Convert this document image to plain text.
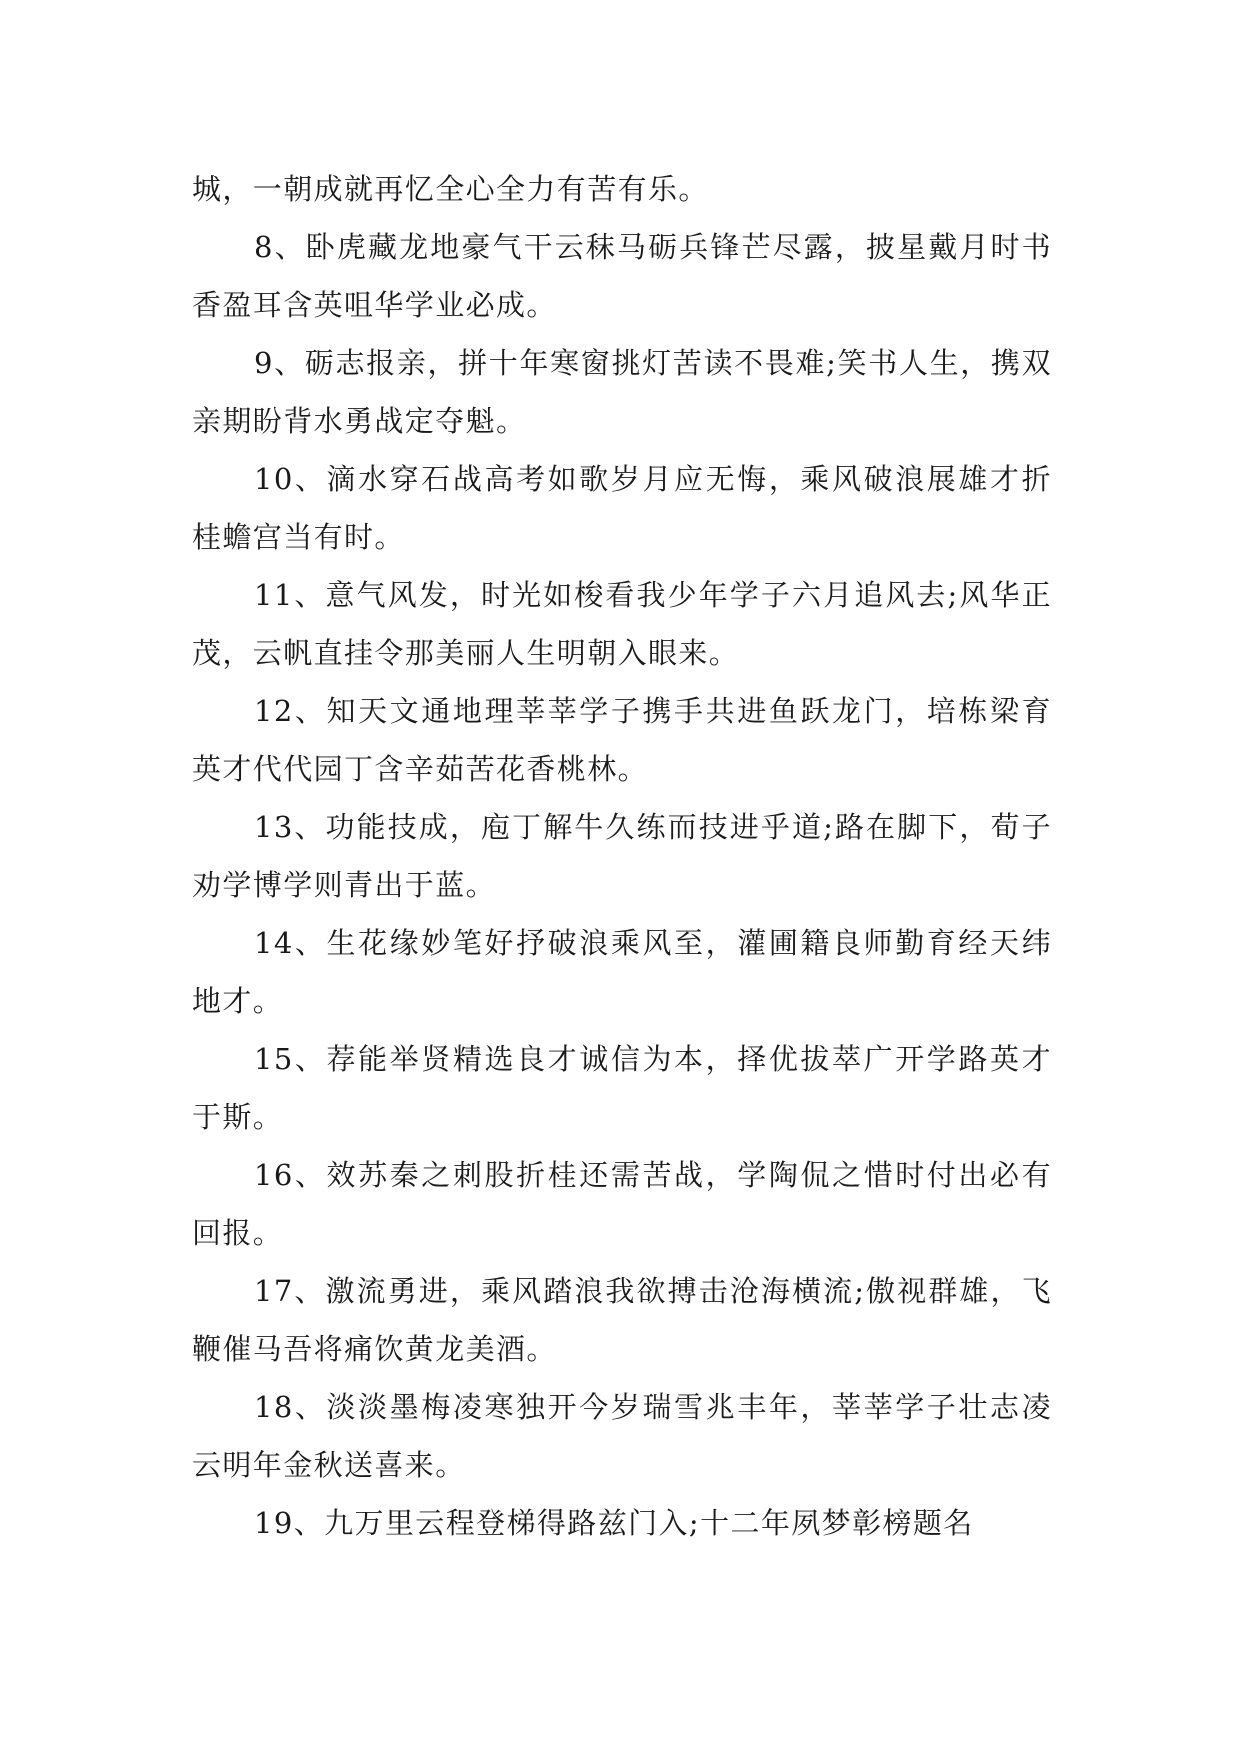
城，一朝成就再忆全心全力有苦有乐。

8、卧虎藏龙地豪气干云秣马砺兵锋芒尽露，披星戴月时书香盈耳含英咀华学业必成。

9、砺志报亲，拼十年寒窗挑灯苦读不畏难;笑书人生，携双亲期盼背水勇战定夺魁。

10、滴水穿石战高考如歌岁月应无悔，乘风破浪展雄才折桂蟾宫当有时。

11、意气风发，时光如梭看我少年学子六月追风去;风华正茂，云帆直挂令那美丽人生明朝入眼来。

12、知天文通地理莘莘学子携手共进鱼跃龙门，培栋梁育英才代代园丁含辛茹苦花香桃林。

13、功能技成，庖丁解牛久练而技进乎道;路在脚下，荀子劝学博学则青出于蓝。

14、生花缘妙笔好抒破浪乘风至，灌圃籍良师勤育经天纬地才。

15、荐能举贤精选良才诚信为本，择优拔萃广开学路英才于斯。

16、效苏秦之刺股折桂还需苦战，学陶侃之惜时付出必有回报。

17、激流勇进，乘风踏浪我欲搏击沧海横流;傲视群雄，飞鞭催马吾将痛饮黄龙美酒。

18、淡淡墨梅凌寒独开今岁瑞雪兆丰年，莘莘学子壮志凌云明年金秋送喜来。

19、九万里云程登梯得路兹门入;十二年夙梦彰榜题名
